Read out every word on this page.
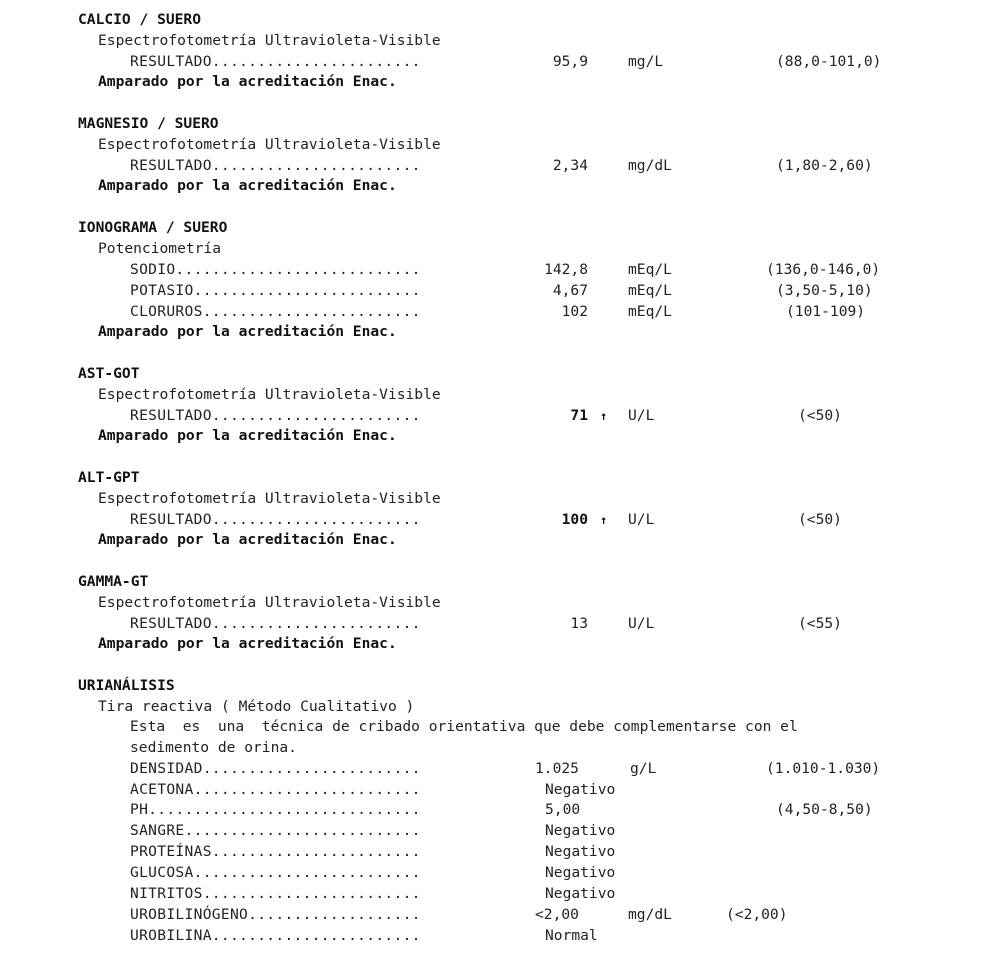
CALCIO / SUERO
Espectrofotometría Ultravioleta-Visible
RESULTADO.......................	95,9	mg/L	(88,0-101,0)
Amparado por la acreditación Enac.
MAGNESIO / SUERO
Espectrofotometría Ultravioleta-Visible
RESULTADO.......................	2,34	mg/dL	(1,80-2,60)
Amparado por la acreditación Enac.
IONOGRAMA / SUERO
Potenciometría
SODIO...........................	142,8	mEq/L	(136,0-146,0)
POTASIO.........................	4,67	mEq/L	(3,50-5,10)
CLORUROS........................	102	mEq/L	(101-109)
Amparado por la acreditación Enac.
AST-GOT
Espectrofotometría Ultravioleta-Visible
RESULTADO.......................	71 ↑ U/L	(<50)
Amparado por la acreditación Enac.
ALT-GPT
Espectrofotometría Ultravioleta-Visible
RESULTADO.......................	100 ↑ U/L	(<50)
Amparado por la acreditación Enac.
GAMMA-GT
Espectrofotometría Ultravioleta-Visible
RESULTADO.......................	13	U/L	(<55)
Amparado por la acreditación Enac.
URIANÁLISIS
Tira reactiva ( Método Cualitativo )
Esta  es  una  técnica de cribado orientativa que debe complementarse con el
sedimento de orina.
DENSIDAD........................	1.025	g/L	(1.010-1.030)
ACETONA.........................	Negativo
PH..............................	5,00	(4,50-8,50)
SANGRE..........................	Negativo
PROTEÍNAS.......................	Negativo
GLUCOSA.........................	Negativo
NITRITOS........................	Negativo
UROBILINÓGENO...................	<2,00	mg/dL	(<2,00)
UROBILINA.......................	Normal
